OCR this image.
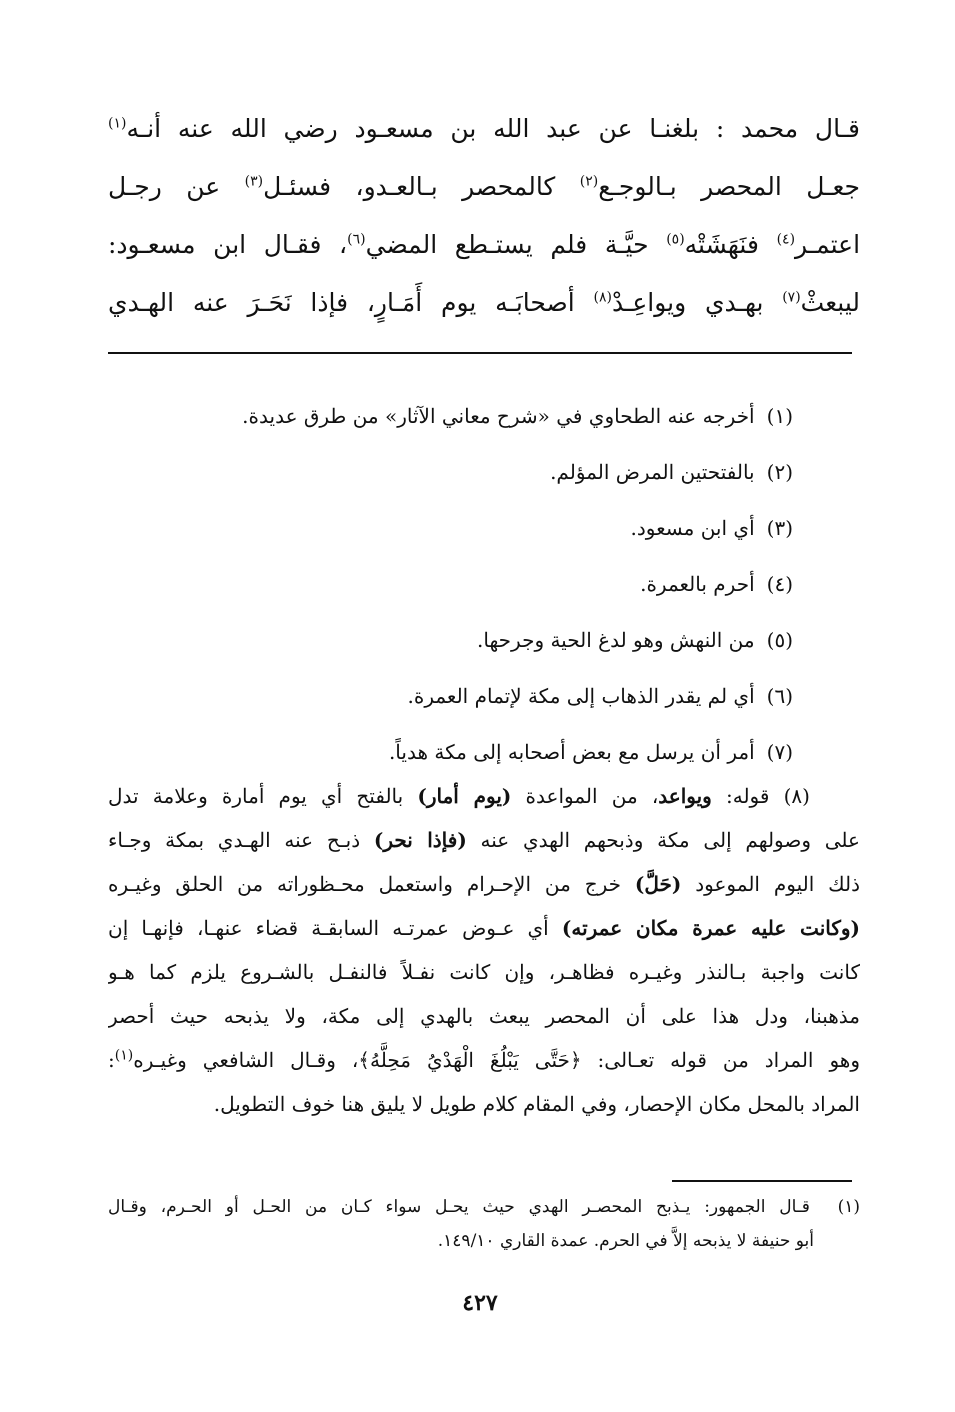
قـال محمد : بلغنـا عن عبد الله بن مسعـود رضي الله عنه أنـه$^{(١)}$
جعـل المحصر بـالوجـع$^{(٢)}$ كالمحصر بـالعـدو، فسئـل$^{(٣)}$ عن رجـل
اعتمـر$^{(٤)}$ فنَهَشَتْه$^{(٥)}$ حيَّـة فلم يستـطع المضي$^{(٦)}$، فقـال ابن مسعـود:
ليبعثْ$^{(٧)}$ بهـدي ويواعِـدْ$^{(٨)}$ أصحابَـه يوم أَمَـارٍ، فإذا نَحَـرَ عنه الهـدي
(١)أخرجه عنه الطحاوي في «شرح معاني الآثار» من طرق عديدة.
(٢)بالفتحتين المرض المؤلم.
(٣)أي ابن مسعود.
(٤)أحرم بالعمرة.
(٥)من النهش وهو لدغ الحية وجرحها.
(٦)أي لم يقدر الذهاب إلى مكة لإتمام العمرة.
(٧)أمر أن يرسل مع بعض أصحابه إلى مكة هدياً.
(٨) قوله: ويواعد، من المواعدة (يوم أمار) بالفتح أي يوم أمارة وعلامة تدل
على وصولهم إلى مكة وذبحهم الهدي عنه (فإذا نحر) ذبـح عنه الهـدي بمكة وجـاء
ذلك اليوم الموعود (حَلَّ) خرج من الإحـرام واستعمل محـظوراته من الحلق وغيـره
(وكانت عليه عمرة مكان عمرته) أي عـوض عمرتـه السابقـة قضاء عنهـا، فإنهـا إن
كانت واجبة بـالنذر وغيـره فظاهـر، وإن كانت نفـلاً فالنفـل بالشـروع يلزم كما هـو
مذهبنا، ودل هذا على أن المحصر يبعث بالهدي إلى مكة، ولا يذبحه حيث أحصر
وهو المراد من قوله تعـالى: ﴿حَتَّى يَبْلُغَ الْهَدْيُ مَحِلَّهُ﴾، وقـال الشافعي وغيـره$^{(١)}$:
المراد بالمحل مكان الإحصار، وفي المقام كلام طويل لا يليق هنا خوف التطويل.
(١)  قـال الجمهور: يـذبح المحصـر الهدي حيث يحـل سواء كـان من الحـل أو الحـرم، وقـال
أبو حنيفة لا يذبحه إلاَّ في الحرم. عمدة القاري ١٤٩/١٠.
٤٢٧
